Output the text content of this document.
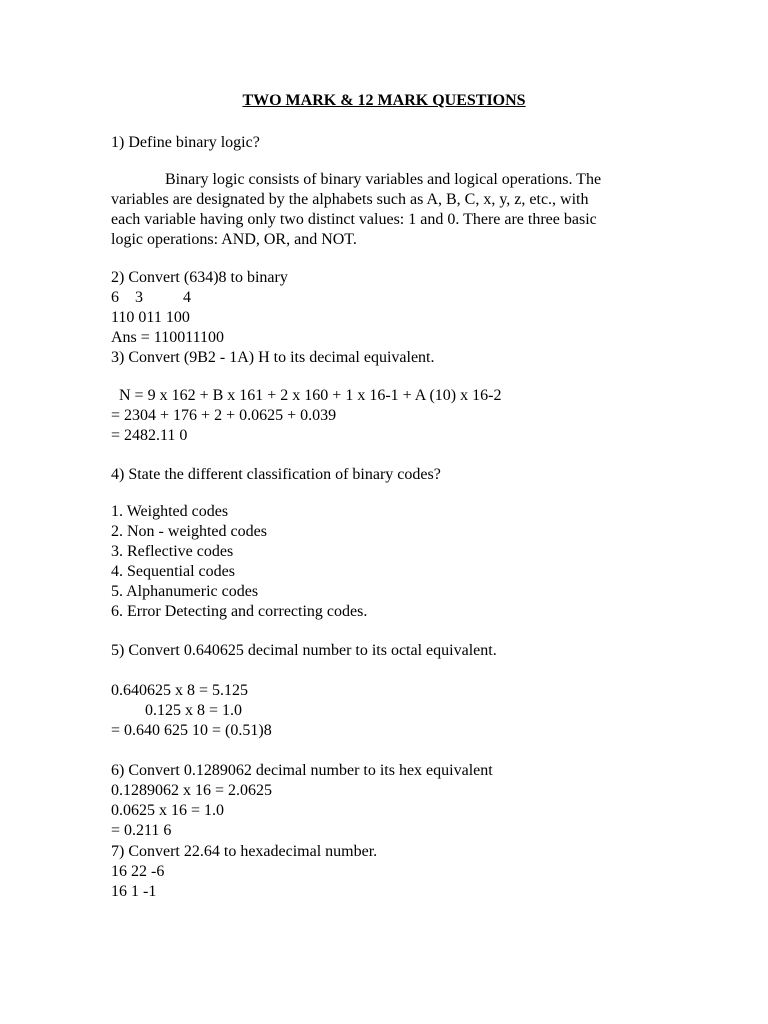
TWO MARK & 12 MARK QUESTIONS
1) Define binary logic?
Binary logic consists of binary variables and logical operations. The
variables are designated by the alphabets such as A, B, C, x, y, z, etc., with
each variable having only two distinct values: 1 and 0. There are three basic
logic operations: AND, OR, and NOT.
2) Convert (634)8 to binary
6    3          4
110 011 100
Ans = 110011100
3) Convert (9B2 - 1A) H to its decimal equivalent.
N = 9 x 162 + B x 161 + 2 x 160 + 1 x 16-1 + A (10) x 16-2
= 2304 + 176 + 2 + 0.0625 + 0.039
= 2482.11 0
4) State the different classification of binary codes?
1. Weighted codes
2. Non - weighted codes
3. Reflective codes
4. Sequential codes
5. Alphanumeric codes
6. Error Detecting and correcting codes.
5) Convert 0.640625 decimal number to its octal equivalent.
0.640625 x 8 = 5.125
0.125 x 8 = 1.0
= 0.640 625 10 = (0.51)8
6) Convert 0.1289062 decimal number to its hex equivalent
0.1289062 x 16 = 2.0625
0.0625 x 16 = 1.0
= 0.211 6
7) Convert 22.64 to hexadecimal number.
16 22 -6
16 1 -1
